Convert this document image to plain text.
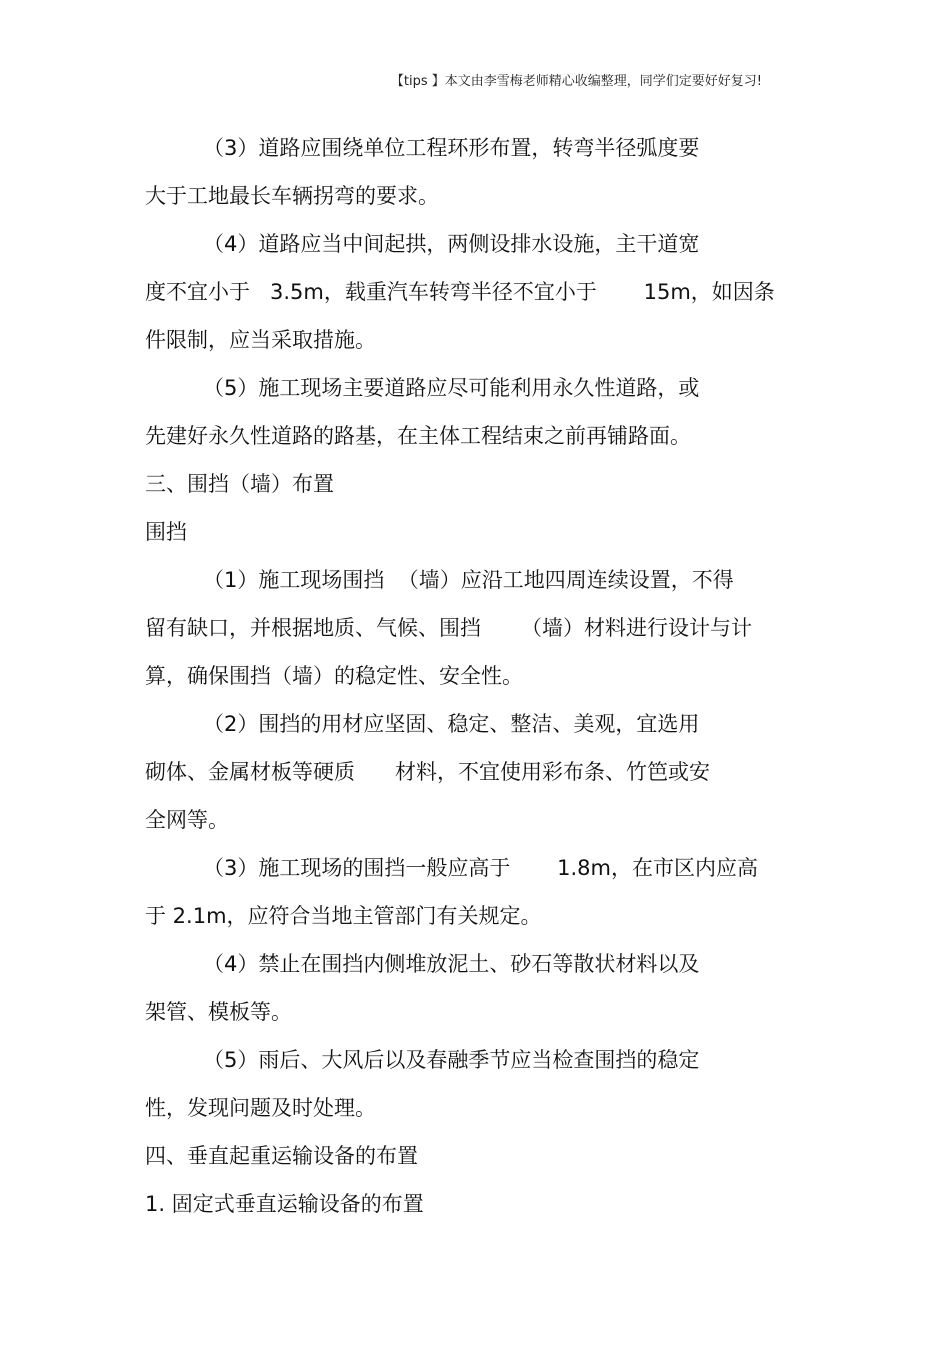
【tips 】本文由李雪梅老师精心收编整理，同学们定要好好复习!
（3）道路应围绕单位工程环形布置，转弯半径弧度要
大于工地最长车辆拐弯的要求。
（4）道路应当中间起拱，两侧设排水设施，主干道宽
度不宜小于   3.5m，载重汽车转弯半径不宜小于       15m，如因条
件限制，应当采取措施。
（5）施工现场主要道路应尽可能利用永久性道路，或
先建好永久性道路的路基，在主体工程结束之前再铺路面。
三、围挡（墙）布置
围挡
（1）施工现场围挡  （墙）应沿工地四周连续设置，不得
留有缺口，并根据地质、气候、围挡      （墙）材料进行设计与计
算，确保围挡（墙）的稳定性、安全性。
（2）围挡的用材应坚固、稳定、整洁、美观，宜选用
砌体、金属材板等硬质      材料，不宜使用彩布条、竹笆或安
全网等。
（3）施工现场的围挡一般应高于       1.8m，在市区内应高
于 2.1m，应符合当地主管部门有关规定。
（4）禁止在围挡内侧堆放泥土、砂石等散状材料以及
架管、模板等。
（5）雨后、大风后以及春融季节应当检查围挡的稳定
性，发现问题及时处理。
四、垂直起重运输设备的布置
1. 固定式垂直运输设备的布置
